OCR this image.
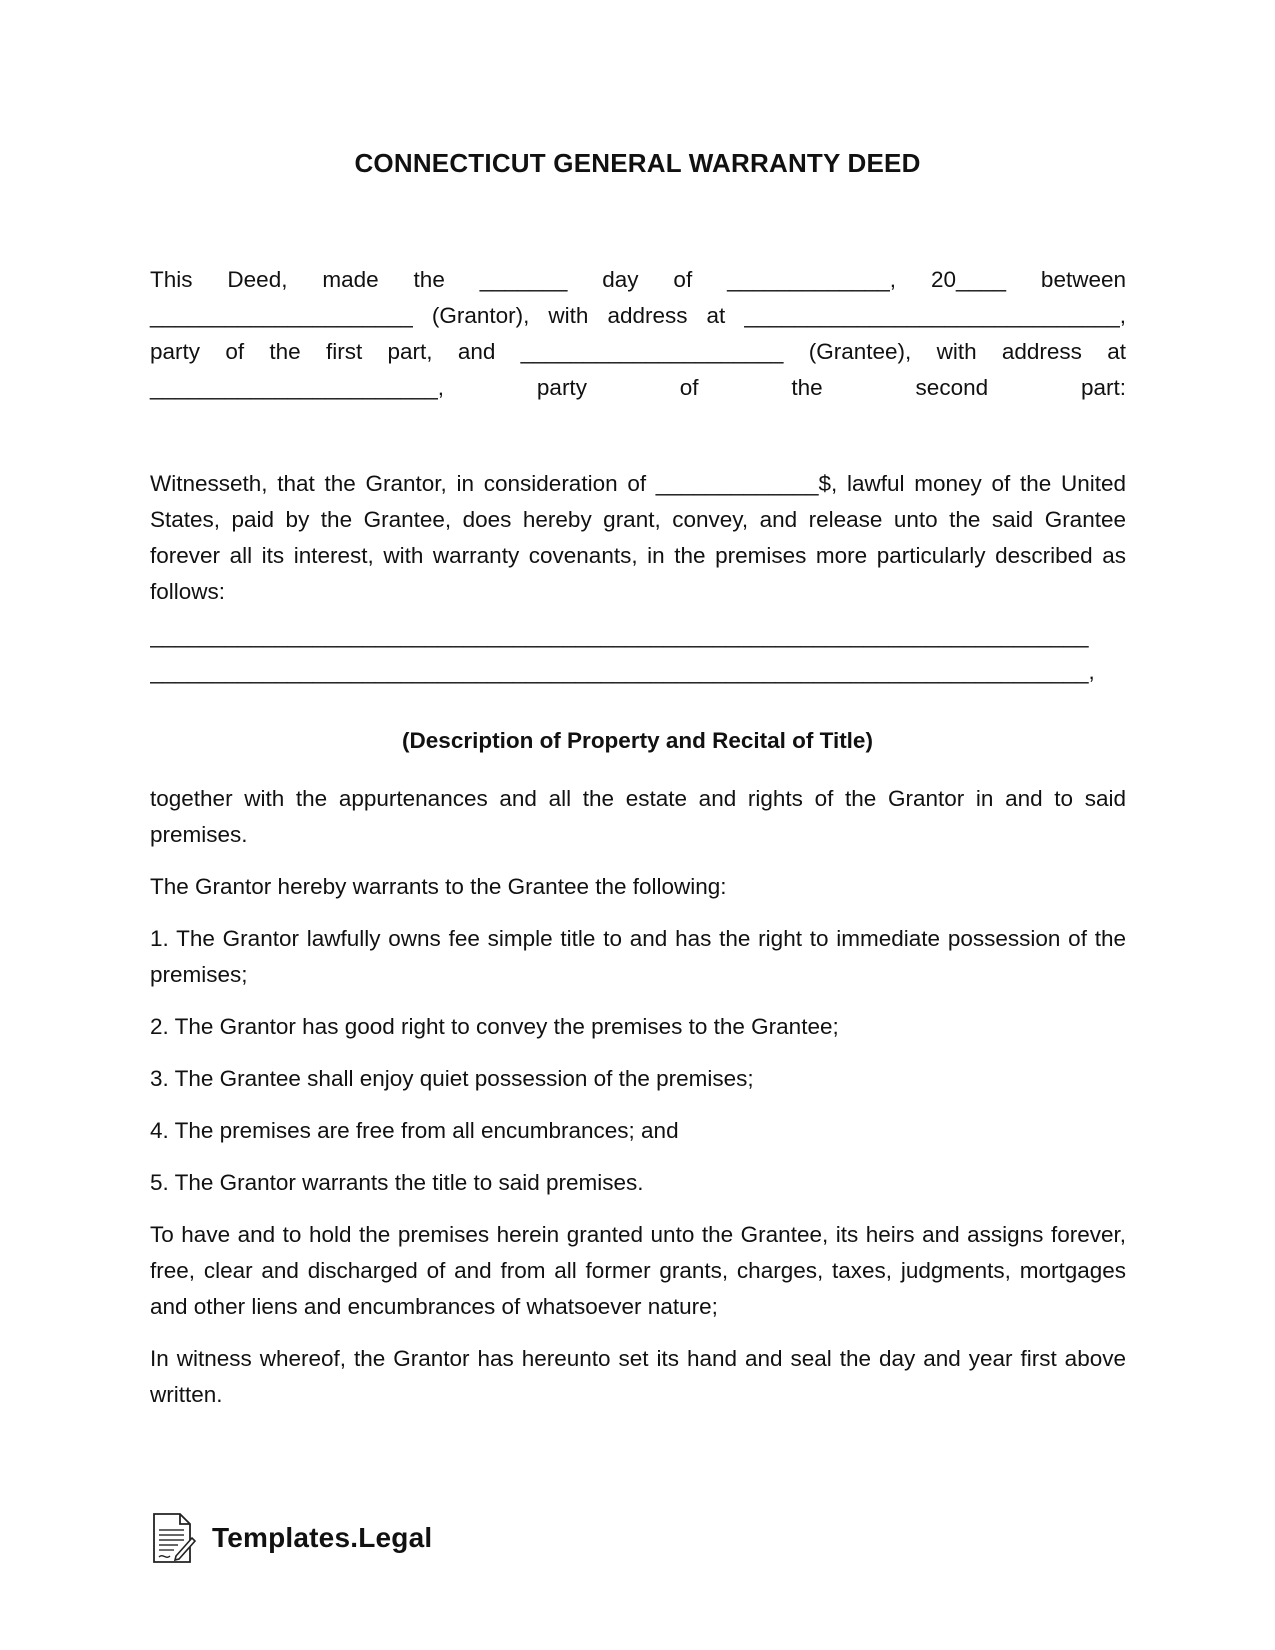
CONNECTICUT GENERAL WARRANTY DEED
This Deed, made the _______ day of _____________, 20____ between
_____________________ (Grantor), with address at ______________________________,
party of the first part, and _____________________ (Grantee), with address at
_______________________, party of the second part:
Witnesseth, that the Grantor, in consideration of _____________$, lawful money of the United States, paid by the Grantee, does hereby grant, convey, and release unto the said Grantee forever all its interest, with warranty covenants, in the premises more particularly described as follows:
___________________________________________________________________________
___________________________________________________________________________,
(Description of Property and Recital of Title)

together with the appurtenances and all the estate and rights of the Grantor in and to said premises.

The Grantor hereby warrants to the Grantee the following:

1. The Grantor lawfully owns fee simple title to and has the right to immediate possession of the premises;

2. The Grantor has good right to convey the premises to the Grantee;

3. The Grantee shall enjoy quiet possession of the premises;

4. The premises are free from all encumbrances; and

5. The Grantor warrants the title to said premises.

To have and to hold the premises herein granted unto the Grantee, its heirs and assigns forever, free, clear and discharged of and from all former grants, charges, taxes, judgments, mortgages and other liens and encumbrances of whatsoever nature;

In witness whereof, the Grantor has hereunto set its hand and seal the day and year first above written.

Templates.Legal
